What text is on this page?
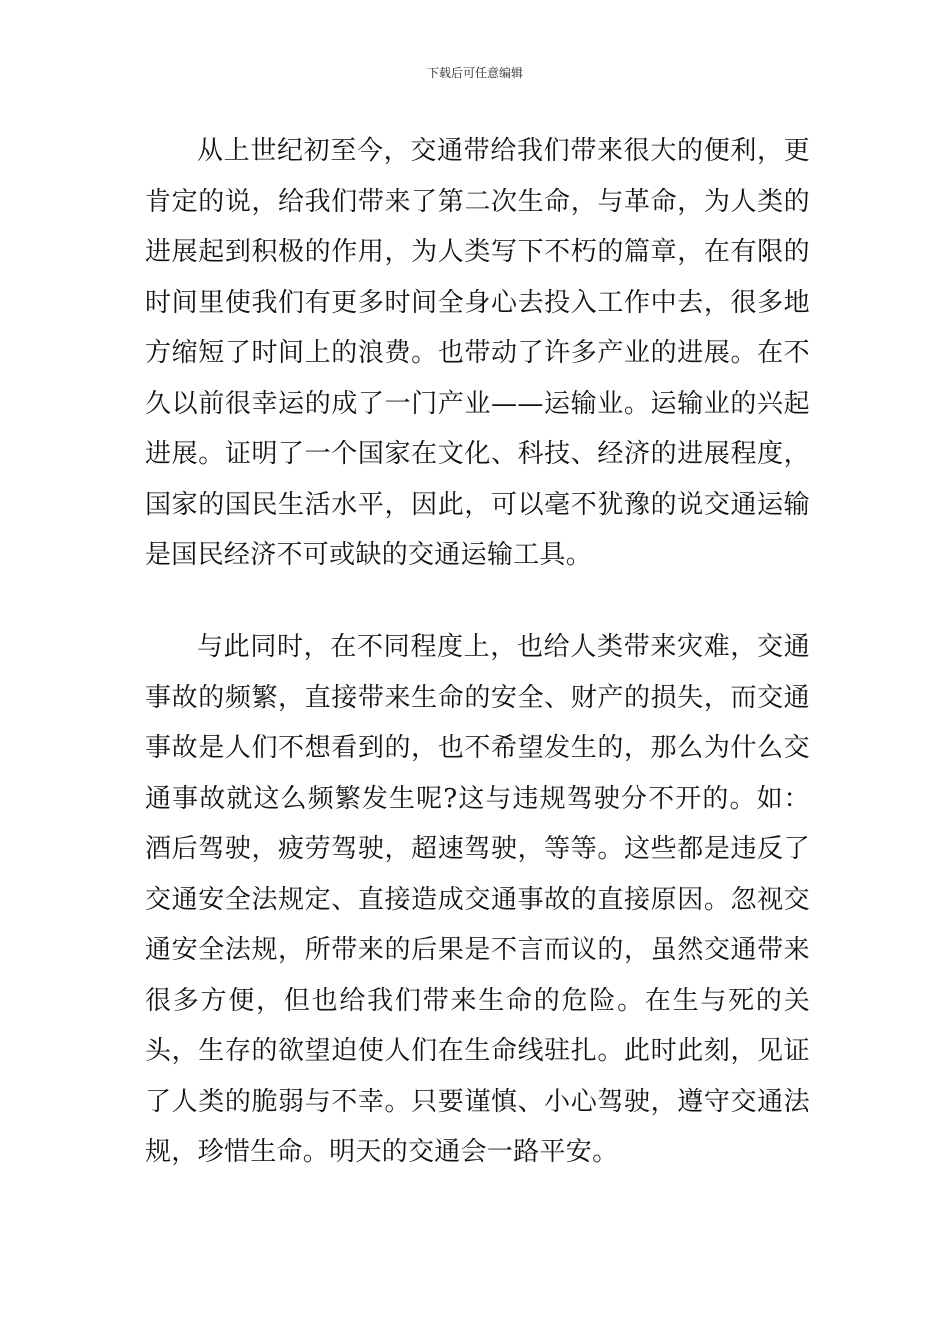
下载后可任意编辑

从上世纪初至今，交通带给我们带来很大的便利，更肯定的说，给我们带来了第二次生命，与革命，为人类的进展起到积极的作用，为人类写下不朽的篇章，在有限的时间里使我们有更多时间全身心去投入工作中去，很多地方缩短了时间上的浪费。也带动了许多产业的进展。在不久以前很幸运的成了一门产业——运输业。运输业的兴起进展。证明了一个国家在文化、科技、经济的进展程度，国家的国民生活水平，因此，可以毫不犹豫的说交通运输是国民经济不可或缺的交通运输工具。

与此同时，在不同程度上，也给人类带来灾难，交通事故的频繁，直接带来生命的安全、财产的损失，而交通事故是人们不想看到的，也不希望发生的，那么为什么交通事故就这么频繁发生呢?这与违规驾驶分不开的。如：酒后驾驶，疲劳驾驶，超速驾驶，等等。这些都是违反了交通安全法规定、直接造成交通事故的直接原因。忽视交通安全法规，所带来的后果是不言而议的，虽然交通带来很多方便，但也给我们带来生命的危险。在生与死的关头，生存的欲望迫使人们在生命线驻扎。此时此刻，见证了人类的脆弱与不幸。只要谨慎、小心驾驶，遵守交通法规，珍惜生命。明天的交通会一路平安。
